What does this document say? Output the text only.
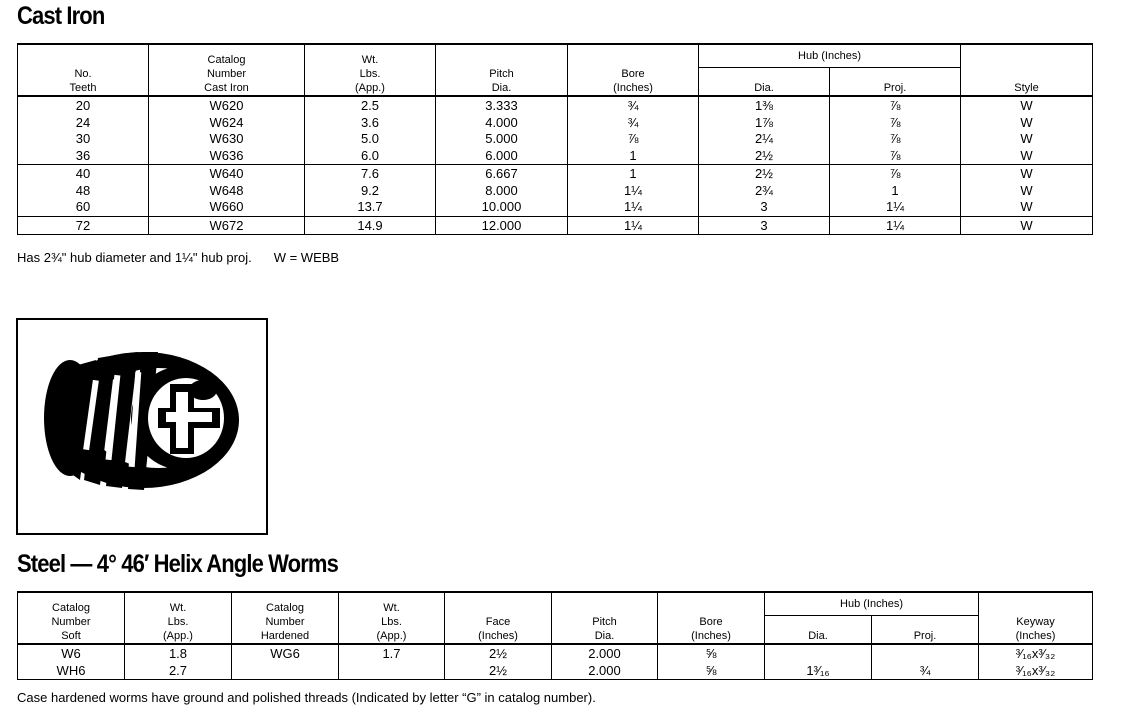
Cast Iron
No.
Teeth	Catalog
Number
Cast Iron	Wt.
Lbs.
(App.)	Pitch
Dia.	Bore
(Inches)	Hub (Inches)		Style
					Dia.	Proj.	
20	W620	2.5	3.333	¾	1⅜	⅞	W
24	W624	3.6	4.000	¾	1⅞	⅞	W
30	W630	5.0	5.000	⅞	2¼	⅞	W
36	W636	6.0	6.000	1	2½	⅞	W
40	W640	7.6	6.667	1	2½	⅞	W
48	W648	9.2	8.000	1¼	2¾	1	W
60	W660	13.7	10.000	1¼	3	1¼	W
72	W672	14.9	12.000	1¼	3	1¼	W

Has 2¾" hub diameter and 1¼" hub proj. W = WEBB

Steel — 4° 46′ Helix Angle Worms
Catalog
Number
Soft	Wt.
Lbs.
(App.)	Catalog
Number
Hardened	Wt.
Lbs.
(App.)	Face
(Inches)	Pitch
Dia.	Bore
(Inches)	Hub (Inches)		Keyway
(Inches)
							Dia.	Proj.	
W6	1.8	WG6	1.7	2½	2.000	⅝			³⁄₁₆x³⁄₃₂
WH6	2.7			2½	2.000	⅝	1³⁄₁₆	¾	³⁄₁₆x³⁄₃₂

Case hardened worms have ground and polished threads (Indicated by letter “G” in catalog number).
